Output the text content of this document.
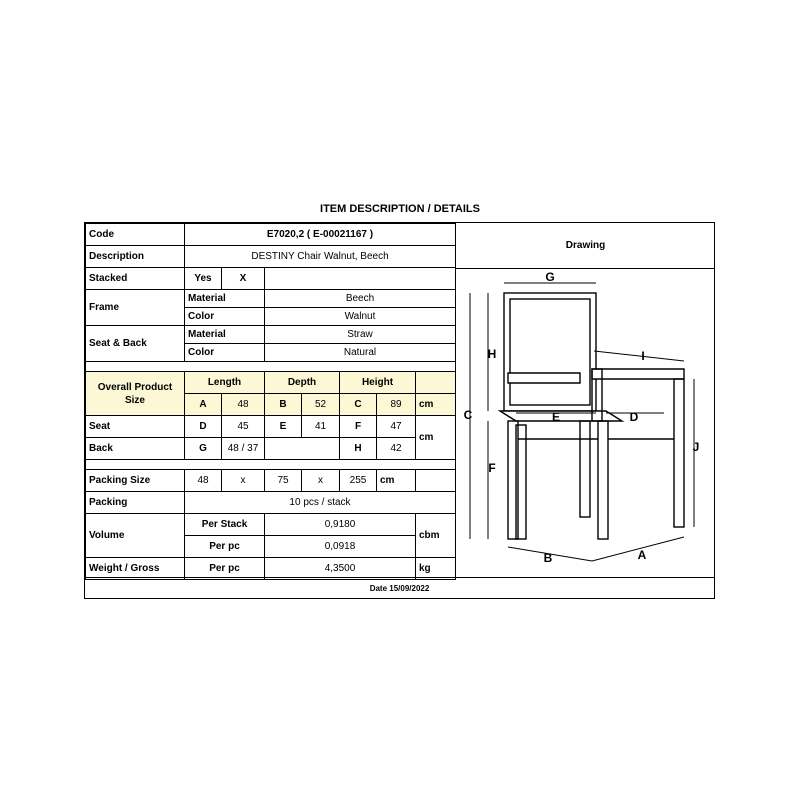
ITEM DESCRIPTION / DETAILS
Code	E7020,2 ( E-00021167 )						
Description	DESTINY Chair Walnut, Beech						
Stacked	Yes	X					
Frame	Material		Beech				
	Color		Walnut				
Seat & Back	Material		Straw				
	Color		Natural				

Overall Product Size	Length		Depth		Height		
	A	48	B	52	C	89	cm
Seat	D	45	E	41	F	47	cm
Back	G	48 / 37			H	42	

Packing Size	48	x	75	x	255	cm	
Packing	10 pcs / stack						
Volume	Per Stack		0,9180				cbm
	Per pc		0,0918				
Weight / Gross	Per pc		4,3500				kg
Drawing
G
H
C
F
I
J
E	D
B	A
Date 15/09/2022
